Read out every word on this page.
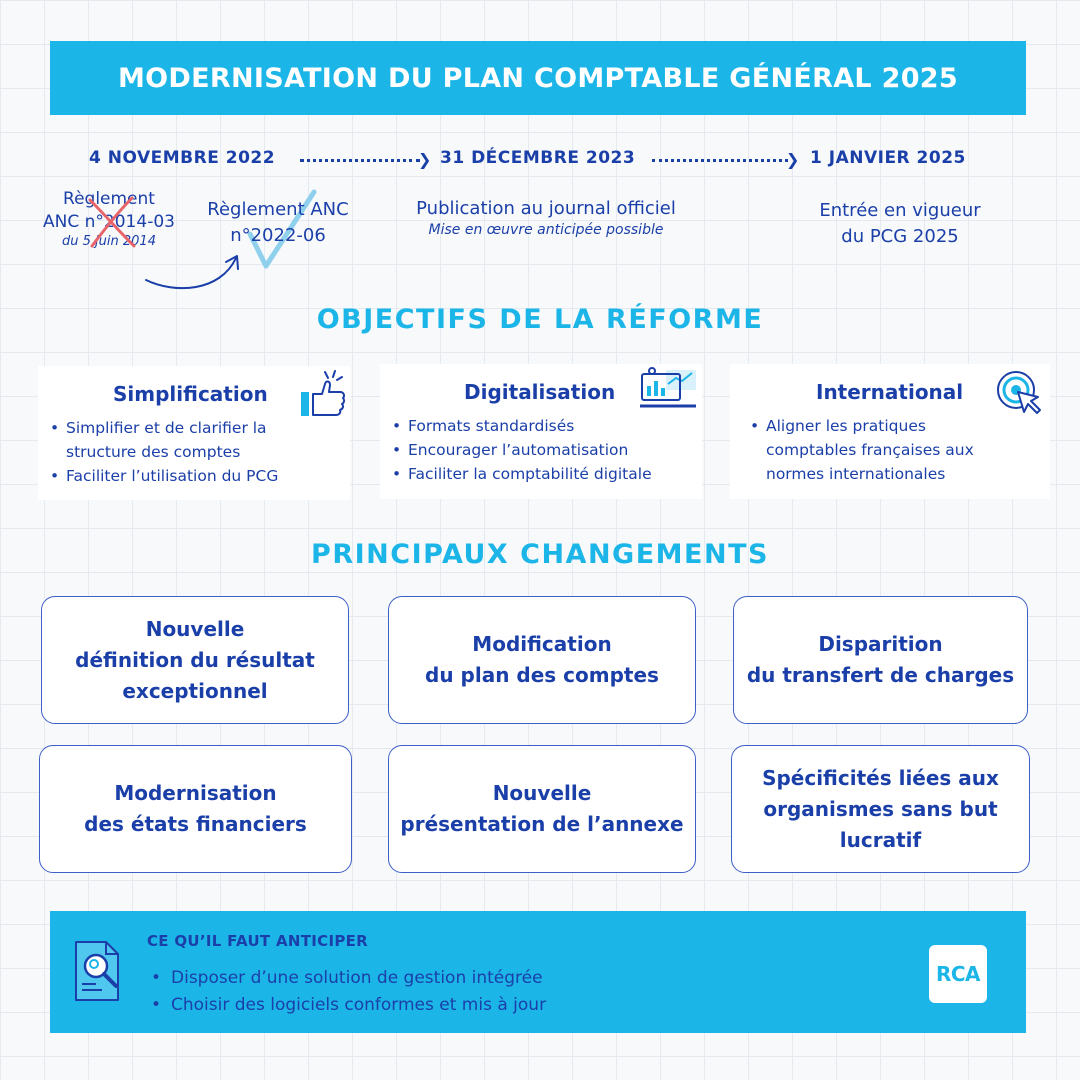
MODERNISATION DU PLAN COMPTABLE GÉNÉRAL 2025
4 NOVEMBRE 2022	❯ 31 DÉCEMBRE 2023	❯ 1 JANVIER 2025
Règlement
ANC n°2014-03
du 5 juin 2014
Règlement ANC
n°2022-06
Publication au journal officiel
Mise en œuvre anticipée possible
Entrée en vigueur
du PCG 2025
OBJECTIFS DE LA RÉFORME
Simplification
• Simplifier et de clarifier la
structure des comptes
• Faciliter l’utilisation du PCG
Digitalisation
• Formats standardisés
• Encourager l’automatisation
• Faciliter la comptabilité digitale
International
• Aligner les pratiques
comptables françaises aux
normes internationales
PRINCIPAUX CHANGEMENTS
Nouvelle
définition du résultat
exceptionnel
Modification
du plan des comptes
Disparition
du transfert de charges
Modernisation
des états financiers
Nouvelle
présentation de l’annexe
Spécificités liées aux
organismes sans but
lucratif
CE QU’IL FAUT ANTICIPER
• Disposer d’une solution de gestion intégrée
• Choisir des logiciels conformes et mis à jour
RCA
